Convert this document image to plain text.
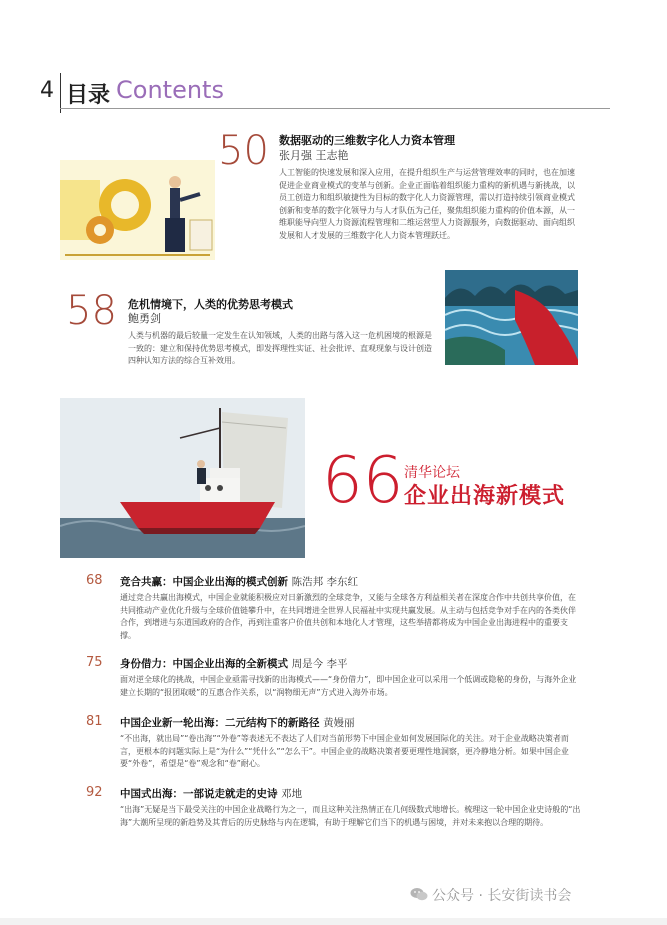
4 目录 Contents
50 数据驱动的三维数字化人力资本管理
张月强 王志艳
人工智能的快速发展和深入应用，在提升组织生产与运营管理效率的同时，也在加速促进企业商业模式的变革与创新。企业正面临着组织能力重构的新机遇与新挑战，以员工创造力和组织敏捷性为目标的数字化人力资源管理，需以打造持续引领商业模式创新和变革的数字化领导力与人才队伍为己任，聚焦组织能力重构的价值本源，从一维职能导向型人力资源流程管理和二维运营型人力资源服务，向数据驱动、面向组织发展和人才发展的三维数字化人力资本管理跃迁。
58 危机情境下，人类的优势思考模式
鲍勇剑
人类与机器的最后较量一定发生在认知领域，人类的出路与落入这一危机困境的根源是一致的：建立和保持优势思考模式，即发挥理性实证、社会批评、直观现象与设计创造四种认知方法的综合互补效用。
66 清华论坛
企业出海新模式
68 竞合共赢：中国企业出海的模式创新 陈浩邦 李东红
通过竞合共赢出海模式，中国企业就能积极应对日新激烈的全球竞争，又能与全球各方利益相关者在深度合作中共创共享价值，在共同推动产业优化升级与全球价值链攀升中，在共同增进全世界人民福祉中实现共赢发展。从主动与包括竞争对手在内的各类伙伴合作，到增进与东道国政府的合作，再到注重客户价值共创和本地化人才管理，这些举措都将成为中国企业出海进程中的重要支撑。
75 身份借力：中国企业出海的全新模式 周是今 李平
面对逆全球化的挑战，中国企业亟需寻找新的出海模式——“身份借力”，即中国企业可以采用一个低调或隐秘的身份，与海外企业建立长期的“报团取暖”的互惠合作关系，以“润物细无声”方式进入海外市场。
81 中国企业新一轮出海：二元结构下的新路径 黄嫚丽
“不出海，就出局”“卷出海”“外卷”等表述无不表达了人们对当前形势下中国企业如何发展国际化的关注。对于企业战略决策者而言，更根本的问题实际上是“为什么”“凭什么”“怎么干”。中国企业的战略决策者要更理性地洞察，更冷静地分析。如果中国企业要“外卷”，希望是“卷”观念和“卷”耐心。
92 中国式出海：一部说走就走的史诗 邓地
“出海”无疑是当下最受关注的中国企业战略行为之一，而且这种关注热情正在几何级数式地增长。梳理这一轮中国企业史诗般的“出海”大潮所呈现的新趋势及其背后的历史脉络与内在逻辑，有助于理解它们当下的机遇与困境，并对未来抱以合理的期待。
公众号 · 长安街读书会
